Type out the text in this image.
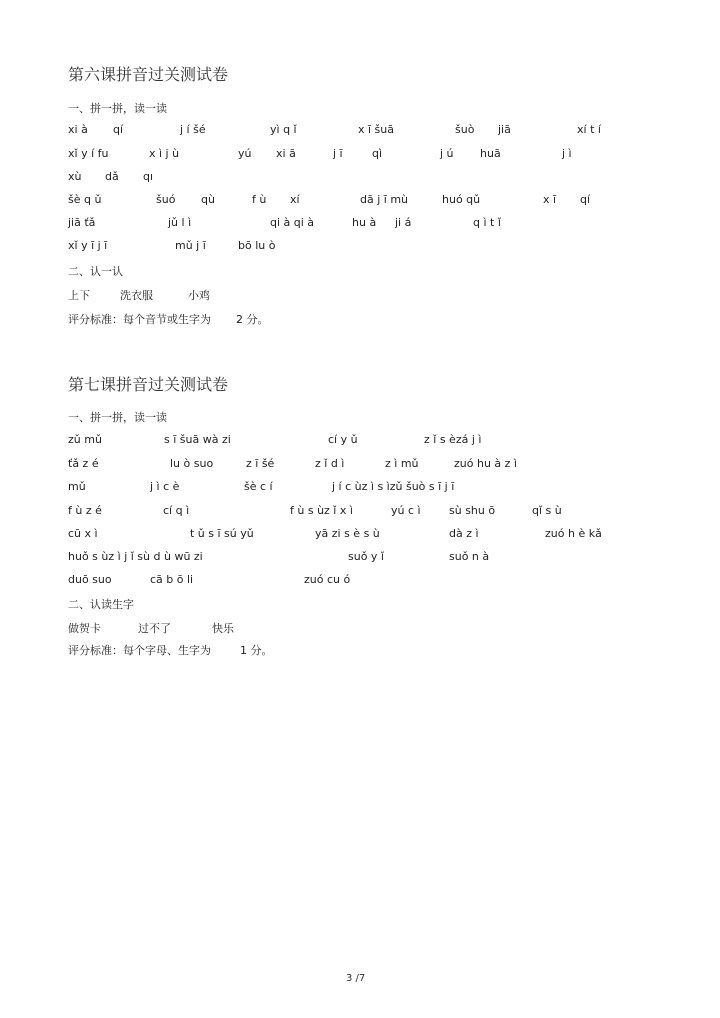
第六课拼音过关测试卷
一、拼一拼，读一读
xi à qí	j í šé	yì q ǐ	x ī šuā	šuò jiā	xí t í
xǐ y í fu	x ì j ù	yú xi ā	j ī	qì	j ú huā	j ì
xù dǎ qı
šè q ǔ	šuó qù	f ù xí	dā j ī mù	huó qǔ	x ī qí
jiā ťǎ	jǔ l ì	qi à qi à	hu à ji á	q ì t ǐ
xǐ y ī j ī	mǔ j ī	bō lu ò
二、认一认
上下	洗衣服	小鸡
评分标准：每个音节或生字为 2 分。
第七课拼音过关测试卷
一、拼一拼，读一读
zǔ mǔ	s ī šuā wà zi	cí y ǔ	z ǐ s èzá j ì
ťǎ z é	lu ò suo	z ī šé	z ǐ d ì	z ì mǔ	zuó hu à z ì
mǔ	j ì c è	šè c í	j í c ùz ì s ìzǔ šuò s ī j ī
f ù z é	cí q ì	f ù s ùz ǐ x ì	yú c ì	sù shu ō	qǐ s ù
cū x ì	t ǔ s ī sú yǔ	yā zi s è s ù	dà z ì	zuó h è kǎ
huǒ s ùz ì j ǐ sù d ù wū zi	suǒ y ǐ	suǒ n à
duō suo	cā b ō li	zuó cu ó
二、认读生字
做贺卡	过不了	快乐
评分标准：每个字母、生字为	1 分。
3 /7
